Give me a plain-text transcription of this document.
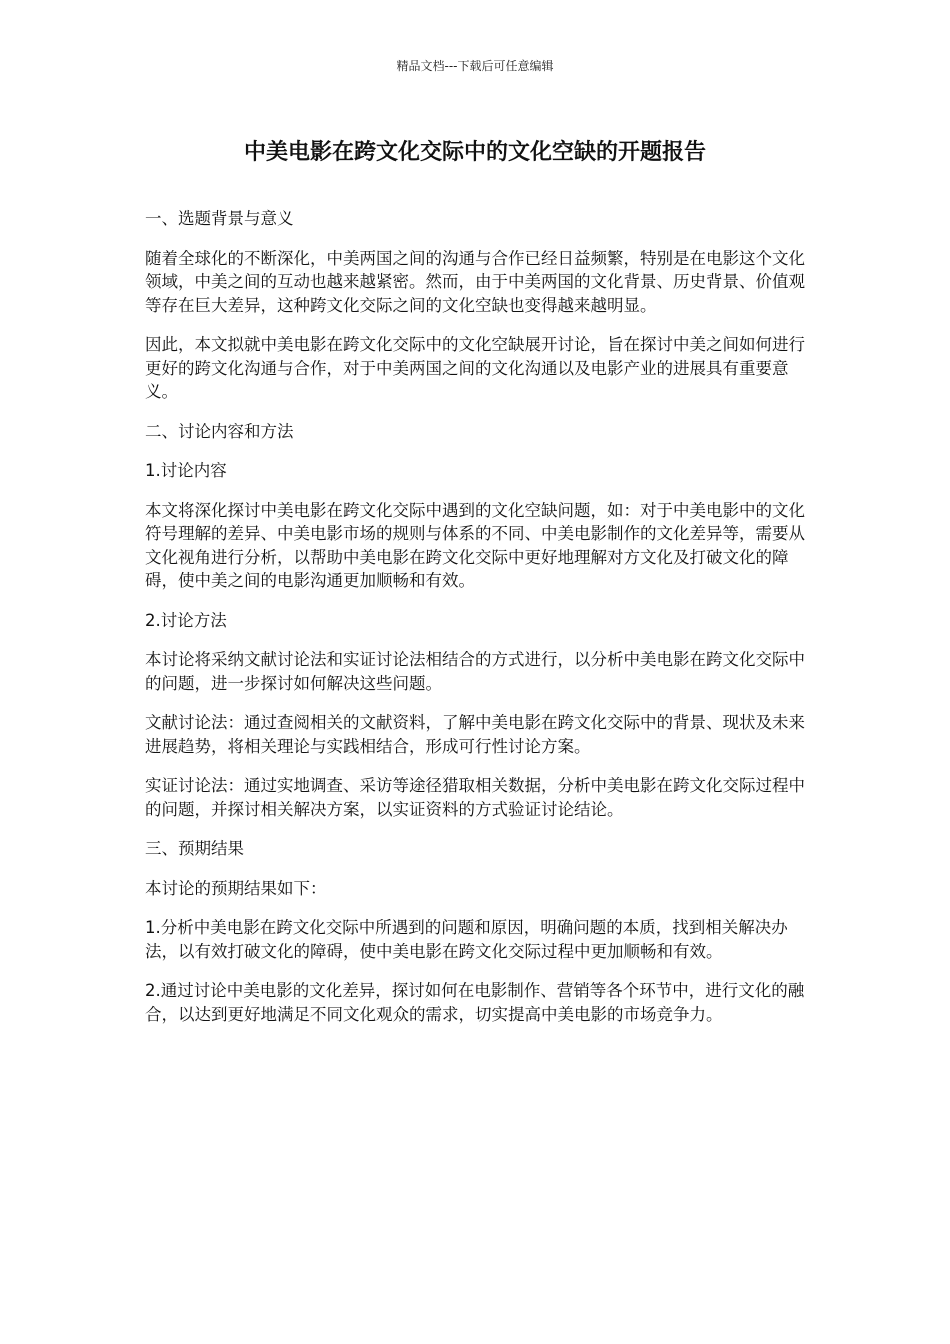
精品文档---下载后可任意编辑
中美电影在跨文化交际中的文化空缺的开题报告

一、选题背景与意义

随着全球化的不断深化，中美两国之间的沟通与合作已经日益频繁，特别是在电影这个文化领域，中美之间的互动也越来越紧密。然而，由于中美两国的文化背景、历史背景、价值观等存在巨大差异，这种跨文化交际之间的文化空缺也变得越来越明显。

因此，本文拟就中美电影在跨文化交际中的文化空缺展开讨论，旨在探讨中美之间如何进行更好的跨文化沟通与合作，对于中美两国之间的文化沟通以及电影产业的进展具有重要意义。

二、讨论内容和方法

1.讨论内容

本文将深化探讨中美电影在跨文化交际中遇到的文化空缺问题，如：对于中美电影中的文化符号理解的差异、中美电影市场的规则与体系的不同、中美电影制作的文化差异等，需要从文化视角进行分析，以帮助中美电影在跨文化交际中更好地理解对方文化及打破文化的障碍，使中美之间的电影沟通更加顺畅和有效。

2.讨论方法

本讨论将采纳文献讨论法和实证讨论法相结合的方式进行，以分析中美电影在跨文化交际中的问题，进一步探讨如何解决这些问题。

文献讨论法：通过查阅相关的文献资料，了解中美电影在跨文化交际中的背景、现状及未来进展趋势，将相关理论与实践相结合，形成可行性讨论方案。

实证讨论法：通过实地调查、采访等途径猎取相关数据，分析中美电影在跨文化交际过程中的问题，并探讨相关解决方案，以实证资料的方式验证讨论结论。

三、预期结果

本讨论的预期结果如下：

1.分析中美电影在跨文化交际中所遇到的问题和原因，明确问题的本质，找到相关解决办法，以有效打破文化的障碍，使中美电影在跨文化交际过程中更加顺畅和有效。

2.通过讨论中美电影的文化差异，探讨如何在电影制作、营销等各个环节中，进行文化的融合，以达到更好地满足不同文化观众的需求，切实提高中美电影的市场竞争力。
